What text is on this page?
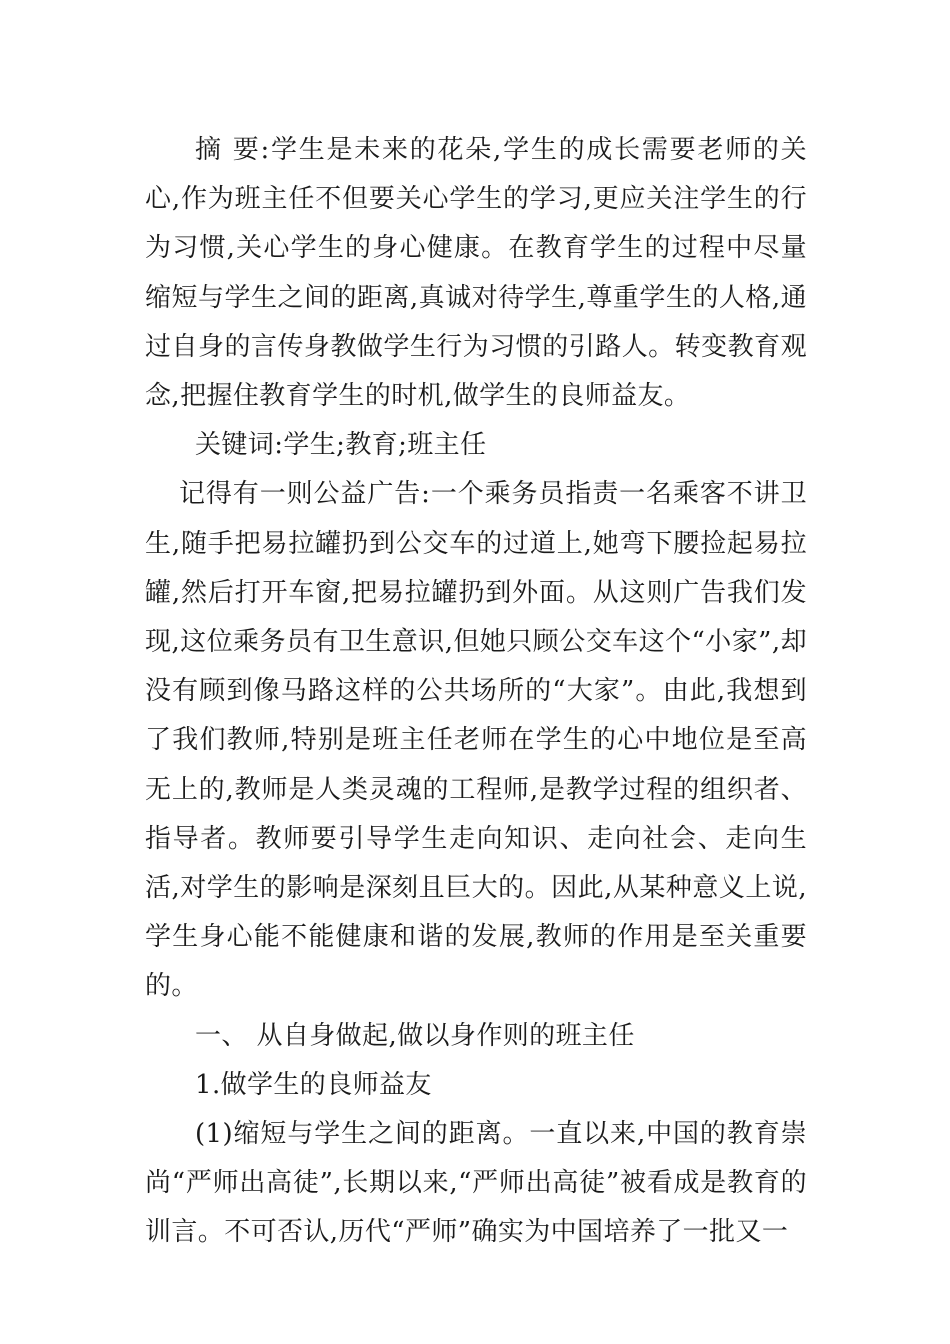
摘 要:学生是未来的花朵,学生的成长需要老师的关心,作为班主任不但要关心学生的学习,更应关注学生的行为习惯,关心学生的身心健康。在教育学生的过程中尽量缩短与学生之间的距离,真诚对待学生,尊重学生的人格,通过自身的言传身教做学生行为习惯的引路人。转变教育观念,把握住教育学生的时机,做学生的良师益友。

关键词:学生;教育;班主任

记得有一则公益广告:一个乘务员指责一名乘客不讲卫生,随手把易拉罐扔到公交车的过道上,她弯下腰捡起易拉罐,然后打开车窗,把易拉罐扔到外面。从这则广告我们发现,这位乘务员有卫生意识,但她只顾公交车这个“小家”,却没有顾到像马路这样的公共场所的“大家”。由此,我想到了我们教师,特别是班主任老师在学生的心中地位是至高无上的,教师是人类灵魂的工程师,是教学过程的组织者、指导者。教师要引导学生走向知识、走向社会、走向生活,对学生的影响是深刻且巨大的。因此,从某种意义上说,学生身心能不能健康和谐的发展,教师的作用是至关重要的。

一、 从自身做起,做以身作则的班主任

1.做学生的良师益友

(1)缩短与学生之间的距离。一直以来,中国的教育崇尚“严师出高徒”,长期以来,“严师出高徒”被看成是教育的训言。不可否认,历代“严师”确实为中国培养了一批又一
